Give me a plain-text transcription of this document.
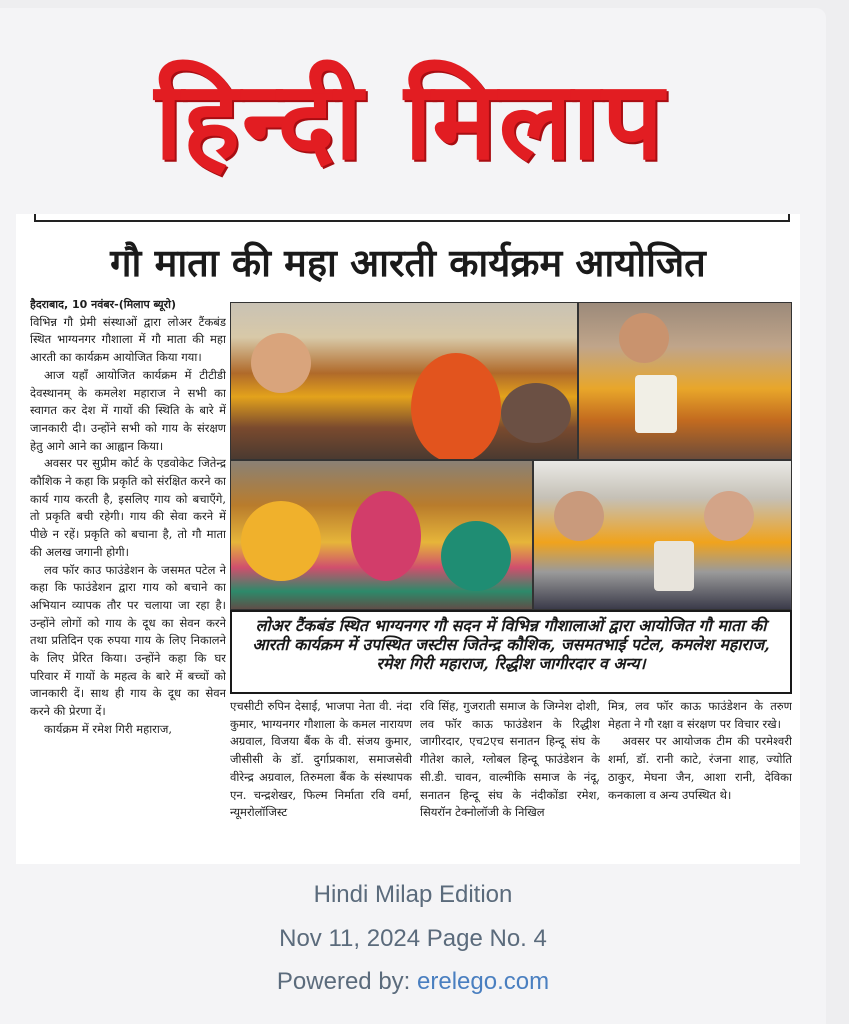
हिन्दी मिलाप
गौ माता की महा आरती कार्यक्रम आयोजित

हैदराबाद, 10 नवंबर-(मिलाप ब्यूरो)

विभिन्न गौ प्रेमी संस्थाओं द्वारा लोअर टैंकबंड स्थित भाग्यनगर गौशाला में गौ माता की महा आरती का कार्यक्रम आयोजित किया गया।

आज यहाँ आयोजित कार्यक्रम में टीटीडी देवस्थानम् के कमलेश महाराज ने सभी का स्वागत कर देश में गायों की स्थिति के बारे में जानकारी दी। उन्होंने सभी को गाय के संरक्षण हेतु आगे आने का आह्वान किया।

अवसर पर सुप्रीम कोर्ट के एडवोकेट जितेन्द्र कौशिक ने कहा कि प्रकृति को संरक्षित करने का कार्य गाय करती है, इसलिए गाय को बचाएँगे, तो प्रकृति बची रहेगी। गाय की सेवा करने में पीछे न रहें। प्रकृति को बचाना है, तो गौ माता की अलख जगानी होगी।

लव फॉर काउ फाउंडेशन के जसमत पटेल ने कहा कि फाउंडेशन द्वारा गाय को बचाने का अभियान व्यापक तौर पर चलाया जा रहा है। उन्होंने लोगों को गाय के दूध का सेवन करने तथा प्रतिदिन एक रुपया गाय के लिए निकालने के लिए प्रेरित किया। उन्होंने कहा कि घर परिवार में गायों के महत्व के बारे में बच्चों को जानकारी दें। साथ ही गाय के दूध का सेवन करने की प्रेरणा दें।

कार्यक्रम में रमेश गिरी महाराज,

लोअर टैंकबंड स्थित भाग्यनगर गौ सदन में विभिन्न गौशालाओं द्वारा आयोजित गौ माता की आरती कार्यक्रम में उपस्थित जस्टीस जितेन्द्र कौशिक, जसमतभाई पटेल, कमलेश महाराज, रमेश गिरी महाराज, रिद्धीश जागीरदार व अन्य।

एचसीटी रुपिन देसाई, भाजपा नेता वी. नंदा कुमार, भाग्यनगर गौशाला के कमल नारायण अग्रवाल, विजया बैंक के वी. संजय कुमार, जीसीसी के डॉ. दुर्गाप्रकाश, समाजसेवी वीरेन्द्र अग्रवाल, तिरुमला बैंक के संस्थापक एन. चन्द्रशेखर, फिल्म निर्माता रवि वर्मा, न्यूमरोलॉजिस्ट

रवि सिंह, गुजराती समाज के जिग्नेश दोशी, लव फॉर काऊ फाउंडेशन के रिद्धीश जागीरदार, एच2एच सनातन हिन्दू संघ के गीतेश काले, ग्लोबल हिन्दू फाउंडेशन के सी.डी. चावन, वाल्मीकि समाज के नंदू, सनातन हिन्दू संघ के नंदीकोंडा रमेश, सियरॉन टेक्नोलॉजी के निखिल

मित्र, लव फॉर काऊ फाउंडेशन के तरुण मेहता ने गौ रक्षा व संरक्षण पर विचार रखे।

अवसर पर आयोजक टीम की परमेश्वरी शर्मा, डॉ. रानी काटे, रंजना शाह, ज्योति ठाकुर, मेघना जैन, आशा रानी, देविका कनकाला व अन्य उपस्थित थे।

Hindi Milap Edition
Nov 11, 2024 Page No. 4
Powered by: erelego.com
